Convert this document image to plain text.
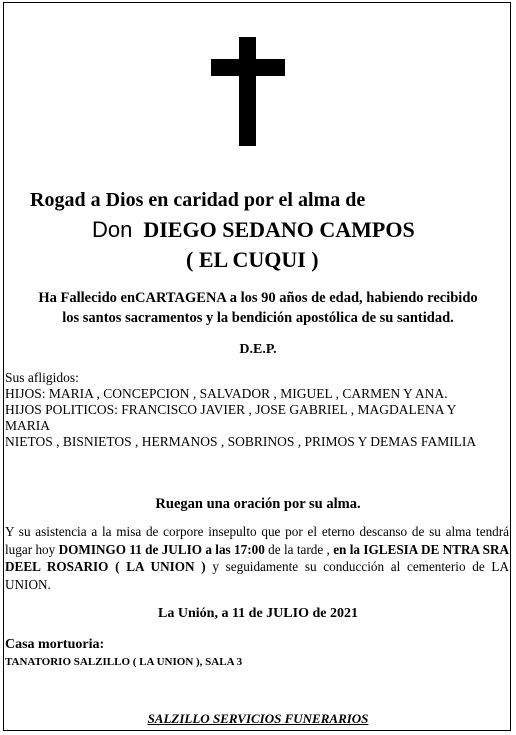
Rogad a Dios en caridad por el alma de
Don DIEGO SEDANO CAMPOS
( EL CUQUI )
Ha Fallecido enCARTAGENA a los 90 años de edad, habiendo recibido
los santos sacramentos y la bendición apostólica de su santidad.
D.E.P.
Sus afligidos:
HIJOS: MARIA , CONCEPCION , SALVADOR , MIGUEL , CARMEN Y ANA.
HIJOS POLITICOS: FRANCISCO JAVIER , JOSE GABRIEL , MAGDALENA Y
MARIA
NIETOS , BISNIETOS , HERMANOS , SOBRINOS , PRIMOS Y DEMAS FAMILIA
Ruegan una oración por su alma.
Y su asistencia a la misa de corpore insepulto que por el eterno descanso de su alma tendrá lugar hoy DOMINGO 11 de JULIO a las 17:00 de la tarde , en la IGLESIA DE NTRA SRA DEEL ROSARIO ( LA UNION ) y seguidamente su conducción al cementerio de LA UNION.
La Unión, a 11 de JULIO de 2021
Casa mortuoria:
TANATORIO SALZILLO ( LA UNION ), SALA 3
SALZILLO SERVICIOS FUNERARIOS
